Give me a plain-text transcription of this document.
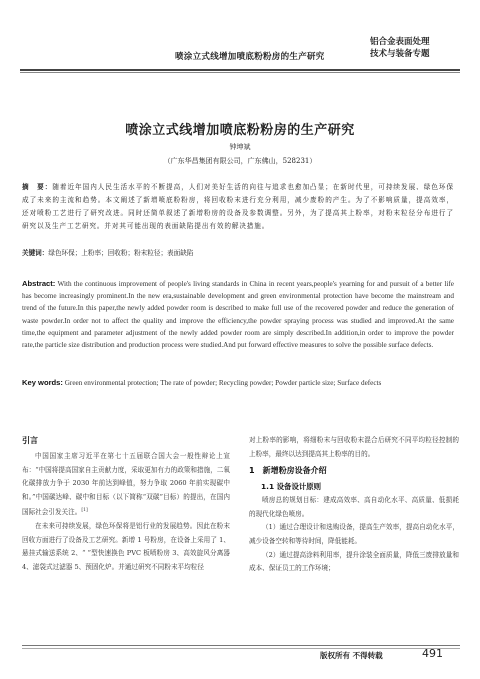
喷涂立式线增加喷底粉粉房的生产研究
铝合金表面处理
技术与装备专题
喷涂立式线增加喷底粉粉房的生产研究
钟坤斌
（广东华昌集团有限公司，广东佛山，528231）
摘　要：随着近年国内人民生活水平的不断提高，人们对美好生活的向往与追求也愈加凸显；在新时代里，可持续发展、绿色环保成了未来的主流和趋势。本文阐述了新增喷底粉粉房，将回收粉末进行充分利用，减少废粉的产生。为了不影响质量，提高效率，还对喷粉工艺进行了研究改进。同时还简单叙述了新增粉房的设备及参数调整。另外，为了提高其上粉率，对粉末粒径分布进行了研究以及生产工艺研究。并对其可能出现的表面缺陷提出有效的解决措施。
关键词：绿色环保；上粉率；回收粉；粉末粒径；表面缺陷
Abstract: With the continuous improvement of people's living standards in China in recent years,people's yearning for and pursuit of a better life has become increasingly prominent.In the new era,sustainable development and green environmental protection have become the mainstream and trend of the future.In this paper,the newly added powder room is described to make full use of the recovered powder and reduce the generation of waste powder.In order not to affect the quality and improve the efficiency,the powder spraying process was studied and improved.At the same time,the equipment and parameter adjustment of the newly added powder room are simply described.In addition,in order to improve the powder rate,the particle size distribution and production process were studied.And put forward effective measures to solve the possible surface defects.
Key words: Green environmental protection; The rate of powder; Recycling powder; Powder particle size; Surface defects
引言
中国国家主席习近平在第七十五届联合国大会一般性辩论上宣布：“中国将提高国家自主贡献力度，采取更加有力的政策和措施，二氧化碳排放力争于 2030 年前达到峰值，努力争取 2060 年前实现碳中和。”中国碳达峰、碳中和目标（以下简称“双碳”目标）的提出，在国内国际社会引发关注。[1]
在未来可持续发展，绿色环保将是铝行业的发展趋势。因此在粉末回收方面进行了设备及工艺研究。新增 1 号粉房，在设备上采用了 1、悬挂式输送系统 2、“ ”型快速换色 PVC 板喷粉房 3、高效旋风分离器 4、滤袋式过滤器 5、预固化炉。并通过研究不同粉末平均粒径
对上粉率的影响，将细粉末与回收粉末混合后研究不同平均粒径控制的上粉率，最终以达到提高其上粉率的目的。
1　新增粉房设备介绍
1.1 设备设计原则
喷房总的规划目标：建成高效率、高自动化水平、高质量、低损耗的现代化绿色喷房。
（1）通过合理设计和选购设备，提高生产效率，提高自动化水平，减少设备空转和等待时间，降低能耗。
（2）通过提高涂料利用率，提升涂装全面质量，降低三废排放量和成本、保证员工的工作环境；
版权所有 不得转载	491
